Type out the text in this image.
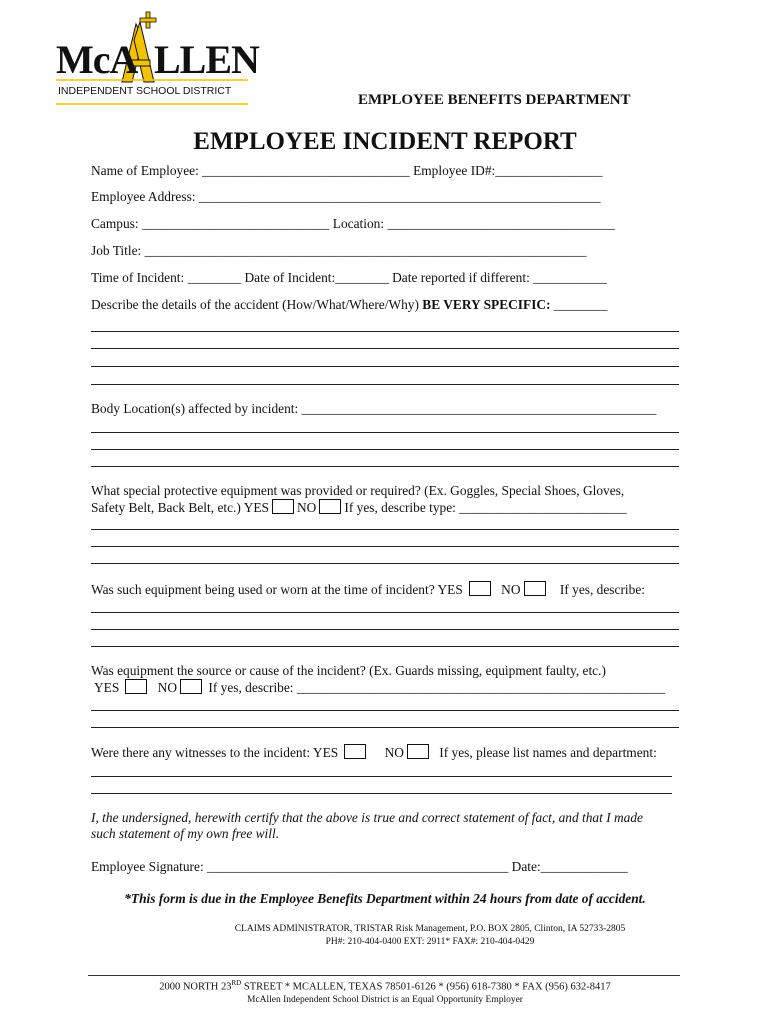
McA LLEN
INDEPENDENT SCHOOL DISTRICT
EMPLOYEE BENEFITS DEPARTMENT
EMPLOYEE INCIDENT REPORT
Name of Employee: _______________________________ Employee ID#:________________
Employee Address: ____________________________________________________________
Campus: ____________________________ Location: __________________________________
Job Title: __________________________________________________________________
Time of Incident: ________ Date of Incident:________ Date reported if different: ___________
Describe the details of the accident (How/What/Where/Why) BE VERY SPECIFIC: ________
Body Location(s) affected by incident: _____________________________________________________
What special protective equipment was provided or required? (Ex. Goggles, Special Shoes, Gloves,
Safety Belt, Back Belt, etc.) YES NO If yes, describe type: _________________________
Was such equipment being used or worn at the time of incident? YES	NO	If yes, describe:
Was equipment the source or cause of the incident? (Ex. Guards missing, equipment faulty, etc.)
YES	NO If yes, describe: _______________________________________________________
Were there any witnesses to the incident: YES	NO	If yes, please list names and department:
I, the undersigned, herewith certify that the above is true and correct statement of fact, and that I made
such statement of my own free will.
Employee Signature: _____________________________________________ Date:_____________
*This form is due in the Employee Benefits Department within 24 hours from date of accident.
CLAIMS ADMINISTRATOR, TRISTAR Risk Management, P.O. BOX 2805, Clinton, IA 52733-2805
PH#: 210-404-0400 EXT: 2911* FAX#: 210-404-0429
2000 NORTH 23RD STREET * MCALLEN, TEXAS 78501-6126 * (956) 618-7380 * FAX (956) 632-8417
McAllen Independent School District is an Equal Opportunity Employer
